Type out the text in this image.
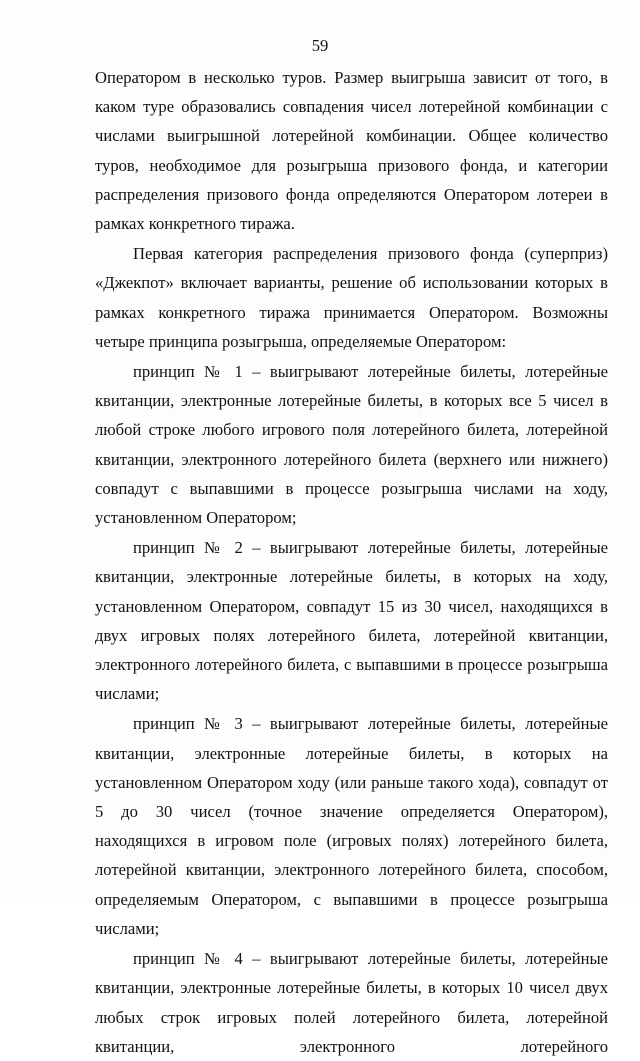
59

Оператором в несколько туров. Размер выигрыша зависит от того, в каком туре образовались совпадения чисел лотерейной комбинации с числами выигрышной лотерейной комбинации. Общее количество туров, необходимое для розыгрыша призового фонда, и категории распределения призового фонда определяются Оператором лотереи в рамках конкретного тиража.

Первая категория распределения призового фонда (суперприз) «Джекпот» включает варианты, решение об использовании которых в рамках конкретного тиража принимается Оператором. Возможны четыре принципа розыгрыша, определяемые Оператором:

принцип № 1 – выигрывают лотерейные билеты, лотерейные квитанции, электронные лотерейные билеты, в которых все 5 чисел в любой строке любого игрового поля лотерейного билета, лотерейной квитанции, электронного лотерейного билета (верхнего или нижнего) совпадут с выпавшими в процессе розыгрыша числами на ходу, установленном Оператором;

принцип № 2 – выигрывают лотерейные билеты, лотерейные квитанции, электронные лотерейные билеты, в которых на ходу, установленном Оператором, совпадут 15 из 30 чисел, находящихся в двух игровых полях лотерейного билета, лотерейной квитанции, электронного лотерейного билета, с выпавшими в процессе розыгрыша числами;

принцип № 3 – выигрывают лотерейные билеты, лотерейные квитанции, электронные лотерейные билеты, в которых на установленном Оператором ходу (или раньше такого хода), совпадут от 5 до 30 чисел (точное значение определяется Оператором), находящихся в игровом поле (игровых полях) лотерейного билета, лотерейной квитанции, электронного лотерейного билета, способом, определяемым Оператором, с выпавшими в процессе розыгрыша числами;

принцип № 4 – выигрывают лотерейные билеты, лотерейные квитанции, электронные лотерейные билеты, в которых 10 чисел двух любых строк игровых полей лотерейного билета, лотерейной квитанции, электронного лотерейного
